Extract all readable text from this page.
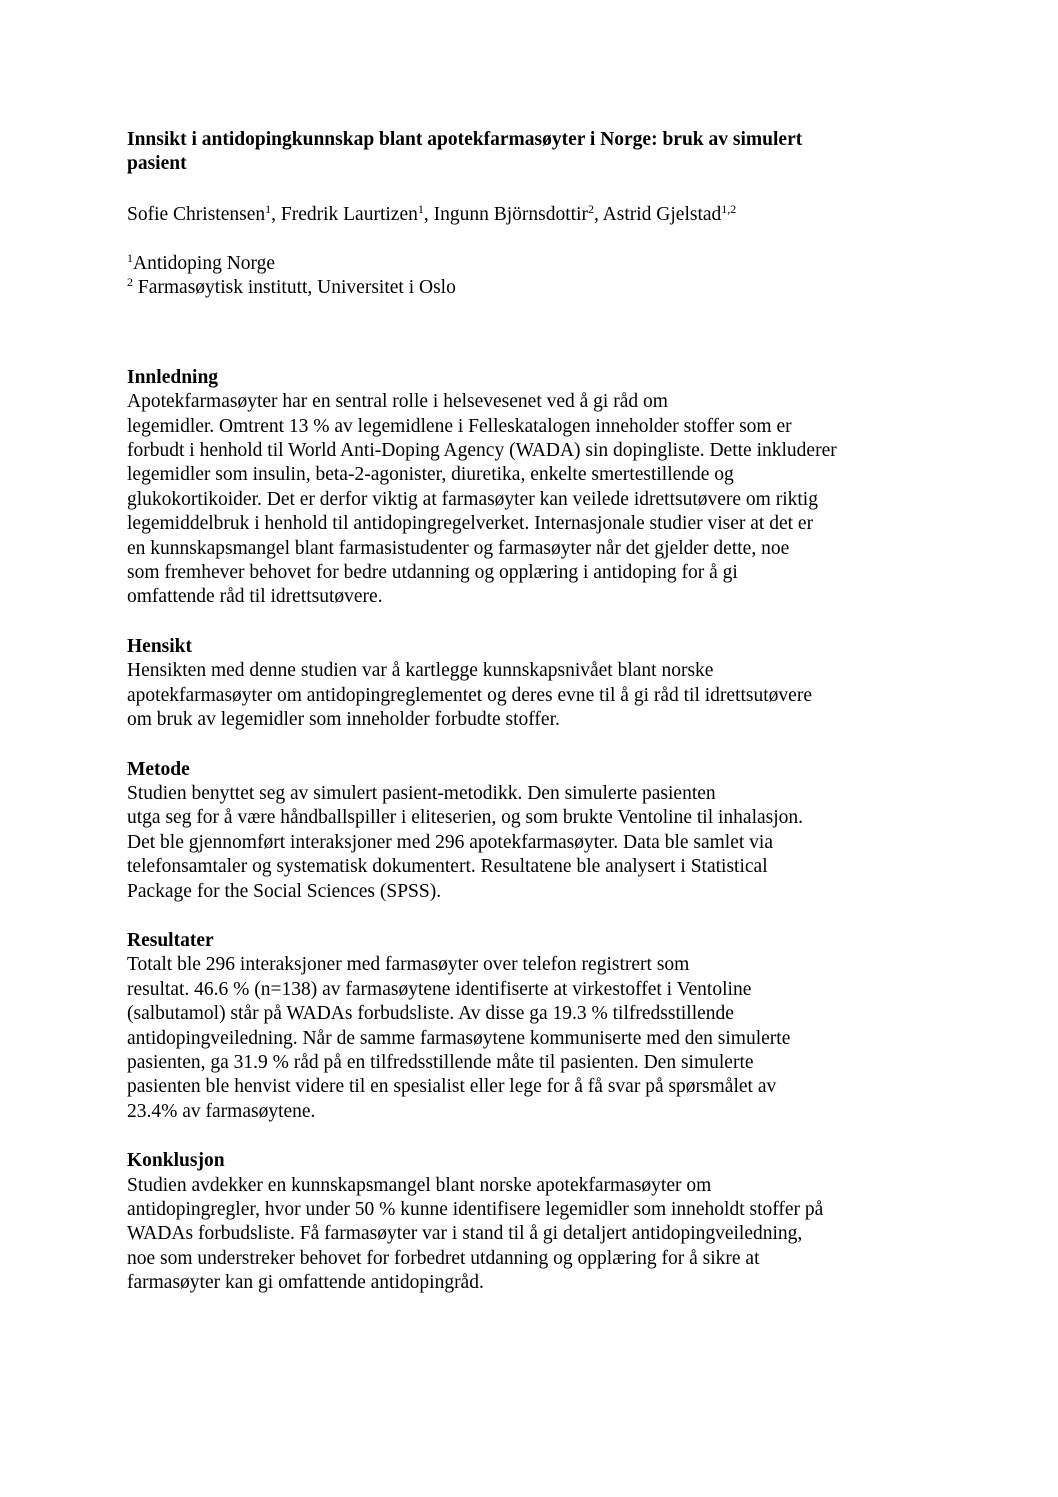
Innsikt i antidopingkunnskap blant apotekfarmasøyter i Norge: bruk av simulert
pasient
Sofie Christensen$^1$, Fredrik Laurtizen$^1$, Ingunn Björnsdottir$^2$, Astrid Gjelstad$^{1,2}$
$^1$Antidoping Norge
$^2$ Farmasøytisk institutt, Universitet i Oslo
Innledning
Apotekfarmasøyter har en sentral rolle i helsevesenet ved å gi råd om
legemidler. Omtrent 13 % av legemidlene i Felleskatalogen inneholder stoffer som er
forbudt i henhold til World Anti-Doping Agency (WADA) sin dopingliste. Dette inkluderer
legemidler som insulin, beta-2-agonister, diuretika, enkelte smertestillende og
glukokortikoider. Det er derfor viktig at farmasøyter kan veilede idrettsutøvere om riktig
legemiddelbruk i henhold til antidopingregelverket. Internasjonale studier viser at det er
en kunnskapsmangel blant farmasistudenter og farmasøyter når det gjelder dette, noe
som fremhever behovet for bedre utdanning og opplæring i antidoping for å gi
omfattende råd til idrettsutøvere.
Hensikt
Hensikten med denne studien var å kartlegge kunnskapsnivået blant norske
apotekfarmasøyter om antidopingreglementet og deres evne til å gi råd til idrettsutøvere
om bruk av legemidler som inneholder forbudte stoffer.
Metode
Studien benyttet seg av simulert pasient-metodikk. Den simulerte pasienten
utga seg for å være håndballspiller i eliteserien, og som brukte Ventoline til inhalasjon.
Det ble gjennomført interaksjoner med 296 apotekfarmasøyter. Data ble samlet via
telefonsamtaler og systematisk dokumentert. Resultatene ble analysert i Statistical
Package for the Social Sciences (SPSS).
Resultater
Totalt ble 296 interaksjoner med farmasøyter over telefon registrert som
resultat. 46.6 % (n=138) av farmasøytene identifiserte at virkestoffet i Ventoline
(salbutamol) står på WADAs forbudsliste. Av disse ga 19.3 % tilfredsstillende
antidopingveiledning. Når de samme farmasøytene kommuniserte med den simulerte
pasienten, ga 31.9 % råd på en tilfredsstillende måte til pasienten. Den simulerte
pasienten ble henvist videre til en spesialist eller lege for å få svar på spørsmålet av
23.4% av farmasøytene.
Konklusjon
Studien avdekker en kunnskapsmangel blant norske apotekfarmasøyter om
antidopingregler, hvor under 50 % kunne identifisere legemidler som inneholdt stoffer på
WADAs forbudsliste. Få farmasøyter var i stand til å gi detaljert antidopingveiledning,
noe som understreker behovet for forbedret utdanning og opplæring for å sikre at
farmasøyter kan gi omfattende antidopingråd.
